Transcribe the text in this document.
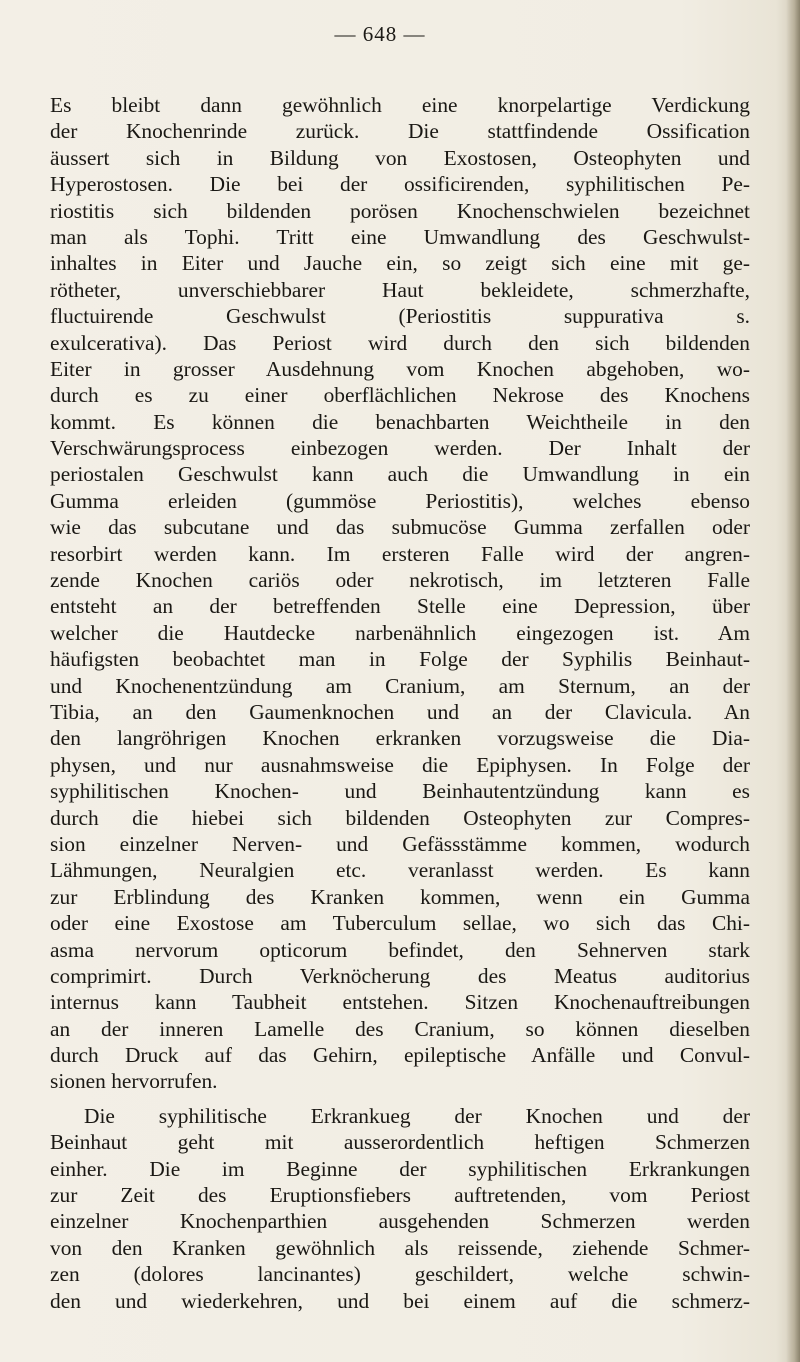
— 648 —
Es bleibt dann gewöhnlich eine knorpelartige Verdickung
der Knochenrinde zurück. Die stattfindende Ossification
äussert sich in Bildung von Exostosen, Osteophyten und
Hyperostosen. Die bei der ossificirenden, syphilitischen Pe-
riostitis sich bildenden porösen Knochenschwielen bezeichnet
man als Tophi. Tritt eine Umwandlung des Geschwulst-
inhaltes in Eiter und Jauche ein, so zeigt sich eine mit ge-
rötheter, unverschiebbarer Haut bekleidete, schmerzhafte,
fluctuirende Geschwulst (Periostitis suppurativa s.
exulcerativa). Das Periost wird durch den sich bildenden
Eiter in grosser Ausdehnung vom Knochen abgehoben, wo-
durch es zu einer oberflächlichen Nekrose des Knochens
kommt. Es können die benachbarten Weichtheile in den
Verschwärungsprocess einbezogen werden. Der Inhalt der
periostalen Geschwulst kann auch die Umwandlung in ein
Gumma erleiden (gummöse Periostitis), welches ebenso
wie das subcutane und das submucöse Gumma zerfallen oder
resorbirt werden kann. Im ersteren Falle wird der angren-
zende Knochen cariös oder nekrotisch, im letzteren Falle
entsteht an der betreffenden Stelle eine Depression, über
welcher die Hautdecke narbenähnlich eingezogen ist. Am
häufigsten beobachtet man in Folge der Syphilis Beinhaut-
und Knochenentzündung am Cranium, am Sternum, an der
Tibia, an den Gaumenknochen und an der Clavicula. An
den langröhrigen Knochen erkranken vorzugsweise die Dia-
physen, und nur ausnahmsweise die Epiphysen. In Folge der
syphilitischen Knochen- und Beinhautentzündung kann es
durch die hiebei sich bildenden Osteophyten zur Compres-
sion einzelner Nerven- und Gefässstämme kommen, wodurch
Lähmungen, Neuralgien etc. veranlasst werden. Es kann
zur Erblindung des Kranken kommen, wenn ein Gumma
oder eine Exostose am Tuberculum sellae, wo sich das Chi-
asma nervorum opticorum befindet, den Sehnerven stark
comprimirt. Durch Verknöcherung des Meatus auditorius
internus kann Taubheit entstehen. Sitzen Knochenauftreibungen
an der inneren Lamelle des Cranium, so können dieselben
durch Druck auf das Gehirn, epileptische Anfälle und Convul-
sionen hervorrufen.
Die syphilitische Erkrankueg der Knochen und der
Beinhaut geht mit ausserordentlich heftigen Schmerzen
einher. Die im Beginne der syphilitischen Erkrankungen
zur Zeit des Eruptionsfiebers auftretenden, vom Periost
einzelner Knochenparthien ausgehenden Schmerzen werden
von den Kranken gewöhnlich als reissende, ziehende Schmer-
zen (dolores lancinantes) geschildert, welche schwin-
den und wiederkehren, und bei einem auf die schmerz-
